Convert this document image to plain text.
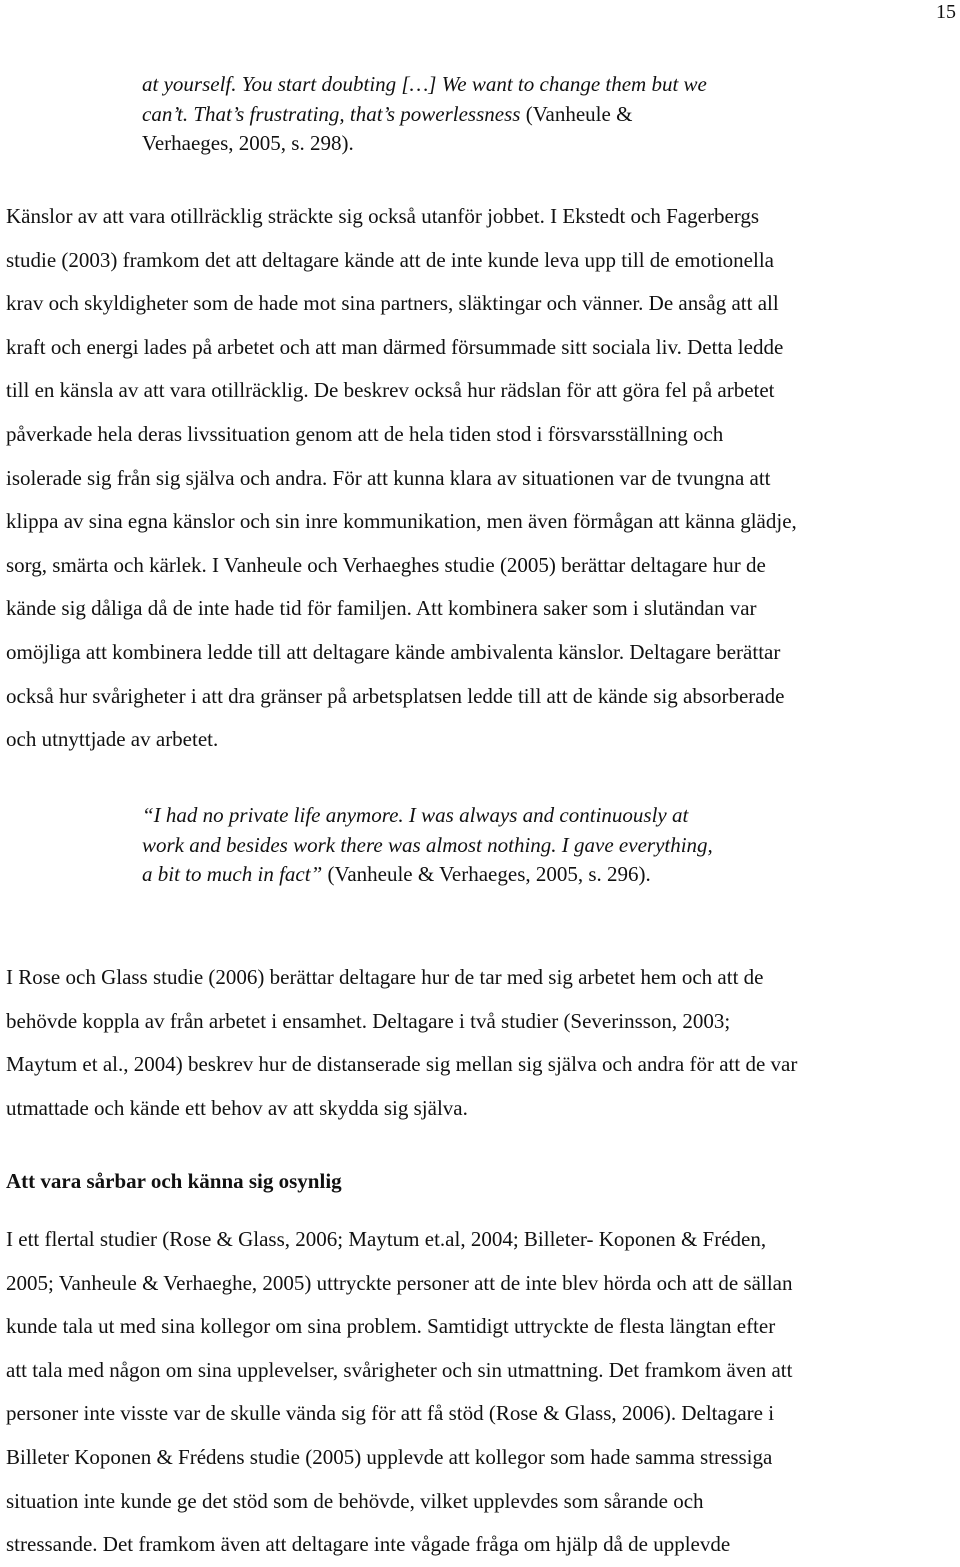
15
at yourself. You start doubting […] We want to change them but we
can’t. That’s frustrating, that’s powerlessness (Vanheule &
Verhaeges, 2005, s. 298).
Känslor av att vara otillräcklig sträckte sig också utanför jobbet. I Ekstedt och Fagerbergs
studie (2003) framkom det att deltagare kände att de inte kunde leva upp till de emotionella
krav och skyldigheter som de hade mot sina partners, släktingar och vänner. De ansåg att all
kraft och energi lades på arbetet och att man därmed försummade sitt sociala liv. Detta ledde
till en känsla av att vara otillräcklig. De beskrev också hur rädslan för att göra fel på arbetet
påverkade hela deras livssituation genom att de hela tiden stod i försvarsställning och
isolerade sig från sig själva och andra. För att kunna klara av situationen var de tvungna att
klippa av sina egna känslor och sin inre kommunikation, men även förmågan att känna glädje,
sorg, smärta och kärlek. I Vanheule och Verhaeghes studie (2005) berättar deltagare hur de
kände sig dåliga då de inte hade tid för familjen. Att kombinera saker som i slutändan var
omöjliga att kombinera ledde till att deltagare kände ambivalenta känslor. Deltagare berättar
också hur svårigheter i att dra gränser på arbetsplatsen ledde till att de kände sig absorberade
och utnyttjade av arbetet.
“I had no private life anymore. I was always and continuously at
work and besides work there was almost nothing. I gave everything,
a bit to much in fact” (Vanheule & Verhaeges, 2005, s. 296).
I Rose och Glass studie (2006) berättar deltagare hur de tar med sig arbetet hem och att de
behövde koppla av från arbetet i ensamhet. Deltagare i två studier (Severinsson, 2003;
Maytum et al., 2004) beskrev hur de distanserade sig mellan sig själva och andra för att de var
utmattade och kände ett behov av att skydda sig själva.
Att vara sårbar och känna sig osynlig
I ett flertal studier (Rose & Glass, 2006; Maytum et.al, 2004; Billeter- Koponen & Fréden,
2005; Vanheule & Verhaeghe, 2005) uttryckte personer att de inte blev hörda och att de sällan
kunde tala ut med sina kollegor om sina problem. Samtidigt uttryckte de flesta längtan efter
att tala med någon om sina upplevelser, svårigheter och sin utmattning. Det framkom även att
personer inte visste var de skulle vända sig för att få stöd (Rose & Glass, 2006). Deltagare i
Billeter Koponen & Frédens studie (2005) upplevde att kollegor som hade samma stressiga
situation inte kunde ge det stöd som de behövde, vilket upplevdes som sårande och
stressande. Det framkom även att deltagare inte vågade fråga om hjälp då de upplevde
